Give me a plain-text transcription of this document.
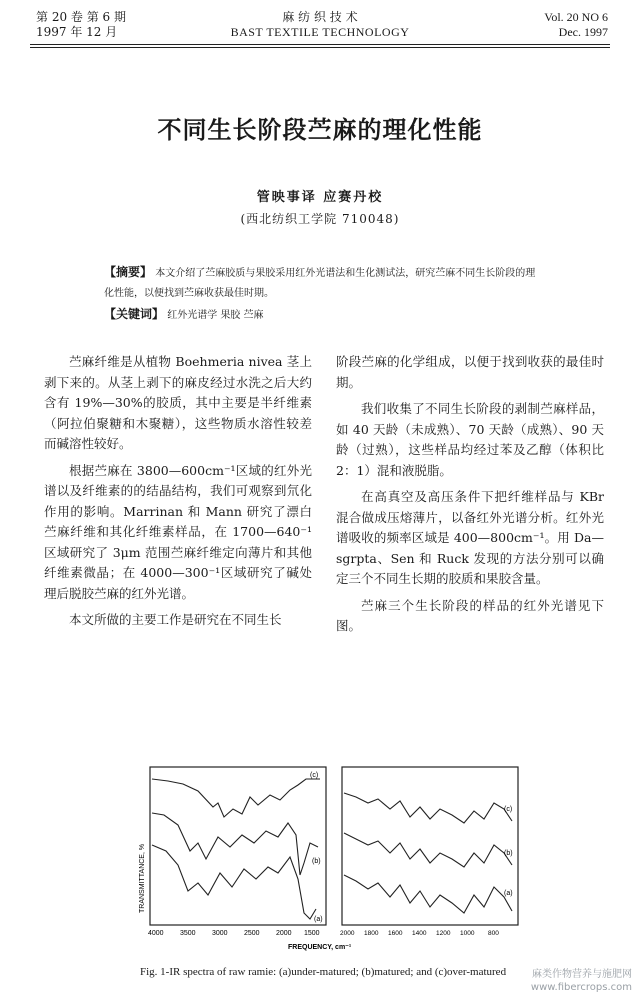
第 20 卷 第 6 期
1997 年 12 月
麻 纺 织 技 术
BAST TEXTILE TECHNOLOGY
Vol. 20 NO 6
Dec. 1997
不同生长阶段苎麻的理化性能
管映事译 应赛丹校
(西北纺织工学院 710048)
【摘要】 本文介绍了苎麻胶质与果胶采用红外光谱法和生化测试法，研究苎麻不同生长阶段的理化性能，以便找到苎麻收获最佳时期。
【关键词】 红外光谱学 果胶 苎麻

苎麻纤维是从植物 Boehmeria nivea 茎上剥下来的。从茎上剥下的麻皮经过水洗之后大约含有 19%—30%的胶质，其中主要是半纤维素（阿拉伯聚糖和木聚糖），这些物质水溶性较差而碱溶性较好。

根据苎麻在 3800—600cm⁻¹区域的红外光谱以及纤维素的的结晶结构，我们可观察到氘化作用的影响。Marrinan 和 Mann 研究了漂白苎麻纤维和其化纤维素样品，在 1700—640⁻¹区域研究了 3μm 范围苎麻纤维定向薄片和其他纤维素微晶；在 4000—300⁻¹区域研究了碱处理后脱胶苎麻的红外光谱。

本文所做的主要工作是研究在不同生长

阶段苎麻的化学组成，以便于找到收获的最佳时期。

我们收集了不同生长阶段的剥制苎麻样品，如 40 天龄（未成熟）、70 天龄（成熟）、90 天龄（过熟），这些样品均经过苯及乙醇（体积比 2：1）混和液脱脂。

在高真空及高压条件下把纤维样品与 KBr 混合做成压熔薄片，以备红外光谱分析。红外光谱吸收的频率区域是 400—800cm⁻¹。用 Da—sgrpta、Sen 和 Ruck 发现的方法分别可以确定三个不同生长期的胶质和果胶含量。

苎麻三个生长阶段的样品的红外光谱见下图。

TRANSMITTANCE, %
(c)
(b)
(a)
4000 3500 3000 2500 2000 1500
(c)
(b)
(a)
2000 1800 1600 1400 1200 1000 800
FREQUENCY, cm⁻¹
Fig. 1-IR spectra of raw ramie: (a)under-matured; (b)matured; and (c)over-matured	麻类作物营养与施肥网
www.fibercrops.com
